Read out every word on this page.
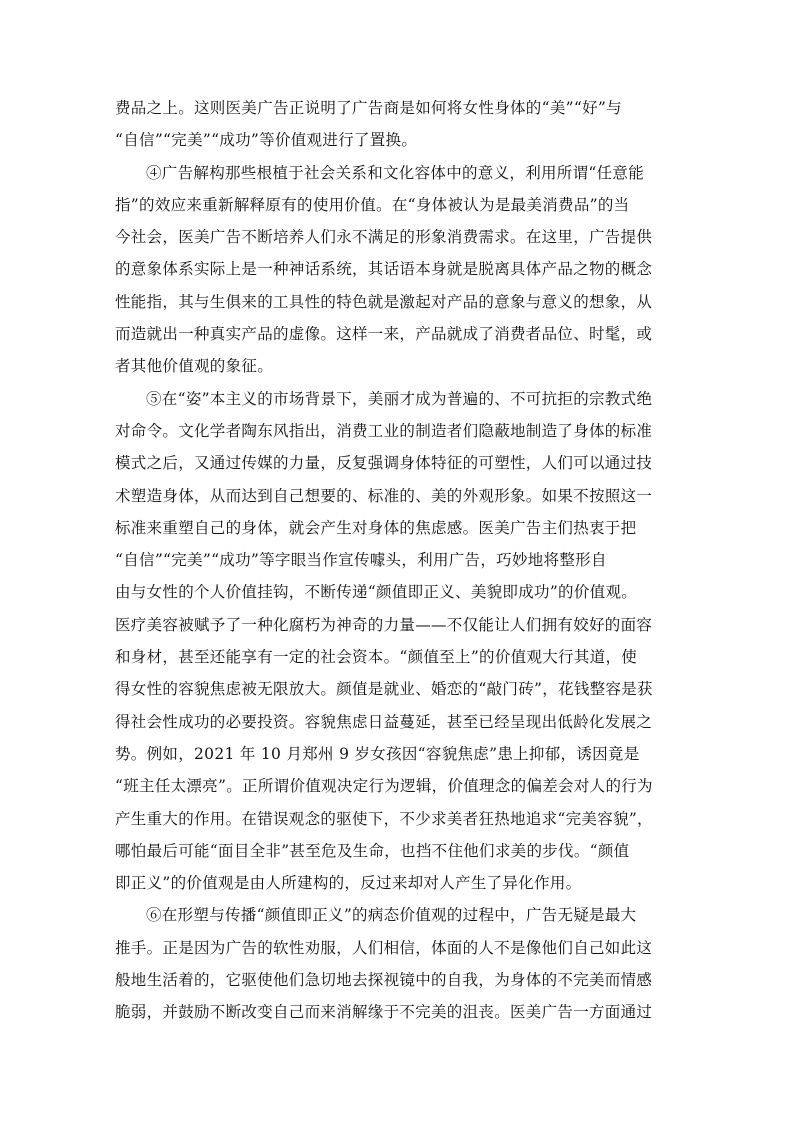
费品之上。这则医美广告正说明了广告商是如何将女性身体的“美”“好”与
“自信”“完美”“成功”等价值观进行了置换。
④广告解构那些根植于社会关系和文化容体中的意义，利用所谓“任意能
指”的效应来重新解释原有的使用价值。在“身体被认为是最美消费品”的当
今社会，医美广告不断培养人们永不满足的形象消费需求。在这里，广告提供
的意象体系实际上是一种神话系统，其话语本身就是脱离具体产品之物的概念
性能指，其与生俱来的工具性的特色就是激起对产品的意象与意义的想象，从
而造就出一种真实产品的虚像。这样一来，产品就成了消费者品位、时髦，或
者其他价值观的象征。
⑤在“姿”本主义的市场背景下，美丽才成为普遍的、不可抗拒的宗教式绝
对命令。文化学者陶东风指出，消费工业的制造者们隐蔽地制造了身体的标准
模式之后，又通过传媒的力量，反复强调身体特征的可塑性，人们可以通过技
术塑造身体，从而达到自己想要的、标准的、美的外观形象。如果不按照这一
标准来重塑自己的身体，就会产生对身体的焦虑感。医美广告主们热衷于把
“自信”“完美”“成功”等字眼当作宣传噱头，利用广告，巧妙地将整形自
由与女性的个人价值挂钩，不断传递“颜值即正义、美貌即成功”的价值观。
医疗美容被赋予了一种化腐朽为神奇的力量——不仅能让人们拥有姣好的面容
和身材，甚至还能享有一定的社会资本。“颜值至上”的价值观大行其道，使
得女性的容貌焦虑被无限放大。颜值是就业、婚恋的“敲门砖”，花钱整容是获
得社会性成功的必要投资。容貌焦虑日益蔓延，甚至已经呈现出低龄化发展之
势。例如，2021 年 10 月郑州 9 岁女孩因“容貌焦虑”患上抑郁，诱因竟是
“班主任太漂亮”。正所谓价值观决定行为逻辑，价值理念的偏差会对人的行为
产生重大的作用。在错误观念的驱使下，不少求美者狂热地追求“完美容貌”，
哪怕最后可能“面目全非”甚至危及生命，也挡不住他们求美的步伐。“颜值
即正义”的价值观是由人所建构的，反过来却对人产生了异化作用。
⑥在形塑与传播“颜值即正义”的病态价值观的过程中，广告无疑是最大
推手。正是因为广告的软性劝服，人们相信，体面的人不是像他们自己如此这
般地生活着的，它驱使他们急切地去探视镜中的自我，为身体的不完美而情感
脆弱，并鼓励不断改变自己而来消解缘于不完美的沮丧。医美广告一方面通过
